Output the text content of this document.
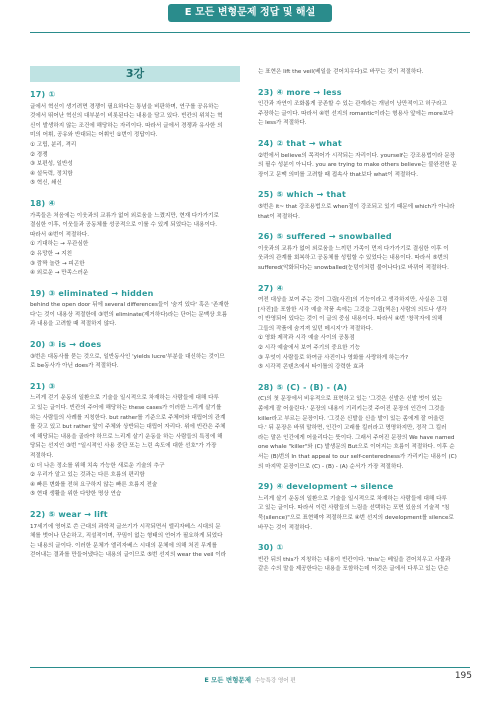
E 모든 변형문제 정답 및 해설
3강
17) ①
글에서 혁신이 생기려면 경쟁이 필요하다는 통념을 비판하며, 연구를 공유하는
것에서 뛰어난 혁신의 대부분이 비롯된다는 내용을 담고 있다. 빈칸의 위치는 혁
신이 발생하지 않는 조건에 해당하는 자리이다. 따라서 글에서 경쟁과 유사한 의
미의 어휘, 공유와 반대되는 어휘인 ①번이 정답이다.
① 고립, 분리, 격리
② 경쟁
③ 보편성, 일반성
④ 설득력, 정치함
⑤ 혁신, 쇄신
18) ④
가족들은 처음에는 이웃과의 교류가 없어 외로움을 느꼈지만, 현재 다가가기로
결심한 이후, 이웃들과 공동체를 성공적으로 이룰 수 있게 되었다는 내용이다.
따라서 ④번이 적절하다.
① 기대하는 → 무관심한
② 유망한 → 지친
③ 깜짝 놀란 → 피곤한
④ 외로운 → 만족스러운
19) ③ eliminated → hidden
behind the open door 뒤에 several differences들이 '숨겨 있다' 혹은 '존재한
다'는 것이 내용상 적절한데 ③번의 eliminate(제거하다)라는 단어는 문맥상 흐름
과 내용을 고려할 때 적절하지 않다.
20) ③ is → does
③번은 대동사를 묻는 것으로, 일반동사인 'yields lucre'부분을 대신하는 것이므
로 be동사가 아닌 does가 적절하다.
21) ③
느리게 걷기 운동의 일환으로 기술을 일시적으로 차재하는 사람들에 대해 다루
고 있는 글이다. 빈칸의 주어에 해당하는 these cases가 이러한 느리게 살기를
하는 사람들의 사례를 지칭한다. but rather를 기준으로 주체어와 대립어의 관계
를 갖고 있고 but rather 앞이 주체와 상반되는 대립어 자리다. 위에 빈칸은 주체
에 해당되는 내용을 골라야 하므로 느리게 살기 운동을 하는 사람들의 특징에 해
당되는 선지인 ③번 "일시적인 사용 중단 또는 느린 속도에 대한 선호"가 가장
적절하다.
① 더 나은 정소를 위해 치속 가능한 새로운 기술의 추구
② 우리가 알고 있는 것과는 다른 흐름의 편리함
④ 빠른 변화를 전혀 요구하지 않는 빠른 흐름지 전술
⑤ 현대 생활을 위한 다양한 명상 연습
22) ⑤ wear → lift
17세기에 영어로 쓴 근대의 과학적 글쓰기가 시작되면서 엘리자베스 시대의 문
체를 벗어나 단순하고, 직설적이며, 꾸밈이 없는 형태의 언어가 필요하게 되었다
는 내용의 글이다. 이러한 문체가 엘리자베스 시대의 문체에 의해 처진 무게를
걷어내는 결과를 만들어냈다는 내용의 글이므로 ⑤번 선지의 wear the veil 이라
는 표현은 lift the veil(베일을 걷어치우다)로 바꾸는 것이 적절하다.
23) ④ more → less
인간과 자연이 조화롭게 공존할 수 있는 관계라는 개념이 낭만적이고 허구라고
주장하는 글이다. 따라서 ④번 선지의 romantic이라는 형용사 앞에는 more보다
는 less가 적절하다.
24) ② that → what
②번에서 believe의 목적어가 시작되는 자리이다. yourself는 강조용법이라 문장
의 필수 성분이 아니다. you are trying to make others believe는 불완전한 문
장이고 문맥 의미를 고려할 때 접속사 that보다 what이 적절하다.
25) ⑤ which → that
⑤번은 it~ that 강조용법으로 when절이 강조되고 있기 때문에 which가 아니라
that이 적절하다.
26) ⑤ suffered → snowballed
이웃과의 교류가 없어 외로움을 느끼던 가족이 먼저 다가가기로 결심한 이후 이
웃과의 관계를 회복하고 공동체를 성립할 수 있었다는 내용이다. 따라서 ⑤번의
suffered(악화되다)는 snowballed(눈덩이처럼 불어나다)로 바뀌어 적절하다.
27) ④
여전 대상을 보여 주는 것이 그림[사진]의 기능이라고 생각하지만, 사실은 그림
[사진]을 포함한 시각 예술 작품 속에는 그것을 그림[찍은] 사람의 의도나 생각
이 반영되어 있다는 것이 이 글의 중심 내용이다. 따라서 ④번 '창작자에 의해
그들의 작품에 숨겨져 있던 메시지'가 적절하다.
① 영화 제작과 시각 예술 사이의 공통점
② 시각 예술에서 보여 주기의 중요한 기능
③ 무엇이 사람들로 하여금 사진이나 영화를 사랑하게 하는가?
⑤ 시각적 콘텐츠에서 타이틀의 강력한 효과
28) ⑤ (C) - (B) - (A)
(C)의 첫 문장에서 비유적으로 표현하고 있는 '그것은 신발은 신발 벗이 있는
좀에게 잘 어울린다.' 문장의 내용이 기리키는것 주어진 문장의 인간이 그것을
killer라고 부르는 문장이다. '그것은 신발을 신을 발이 있는 좀에게 잘 어울린
다.' 뒤 문장은 바꿔 말하면, 인간이 고래를 킬러라고 명명하지만, 정작 그 킬러
라는 말은 인간에게 어울리다는 뜻이다. 그래서 주어진 문장의 We have named
one whale "killer"와 (C) 발생문의 But으로 이어지는 흐름이 적절하다. 이후 순
서는 (B)번의 In that appeal to our self-centeredness가 가리키는 내용이 (C)
의 마지막 문장이므로 (C) - (B) - (A) 순서가 가장 적절하다.
29) ④ development → silence
느리게 살기 운동의 일환으로 기술을 일시적으로 차재하는 사람들에 대해 다루
고 있는 글이다. 따라서 이런 사람들의 느림을 선택하는 포면 있음의 기술적 "침
묵(silence)"으로 표현해야 적절하므로 ④번 선지의 development를 silence로
바꾸는 것이 적절하다.
30) ①
빈칸 뒤의 this가 지칭하는 내용이 빈칸이다. 'this'는 베일을 걷어치우고 사물과
같은 수의 말을 제공한다는 내용을 포함하는데 이것은 글에서 다루고 있는 단순
E 모든 변형문제 수능특강 영어 편	195
